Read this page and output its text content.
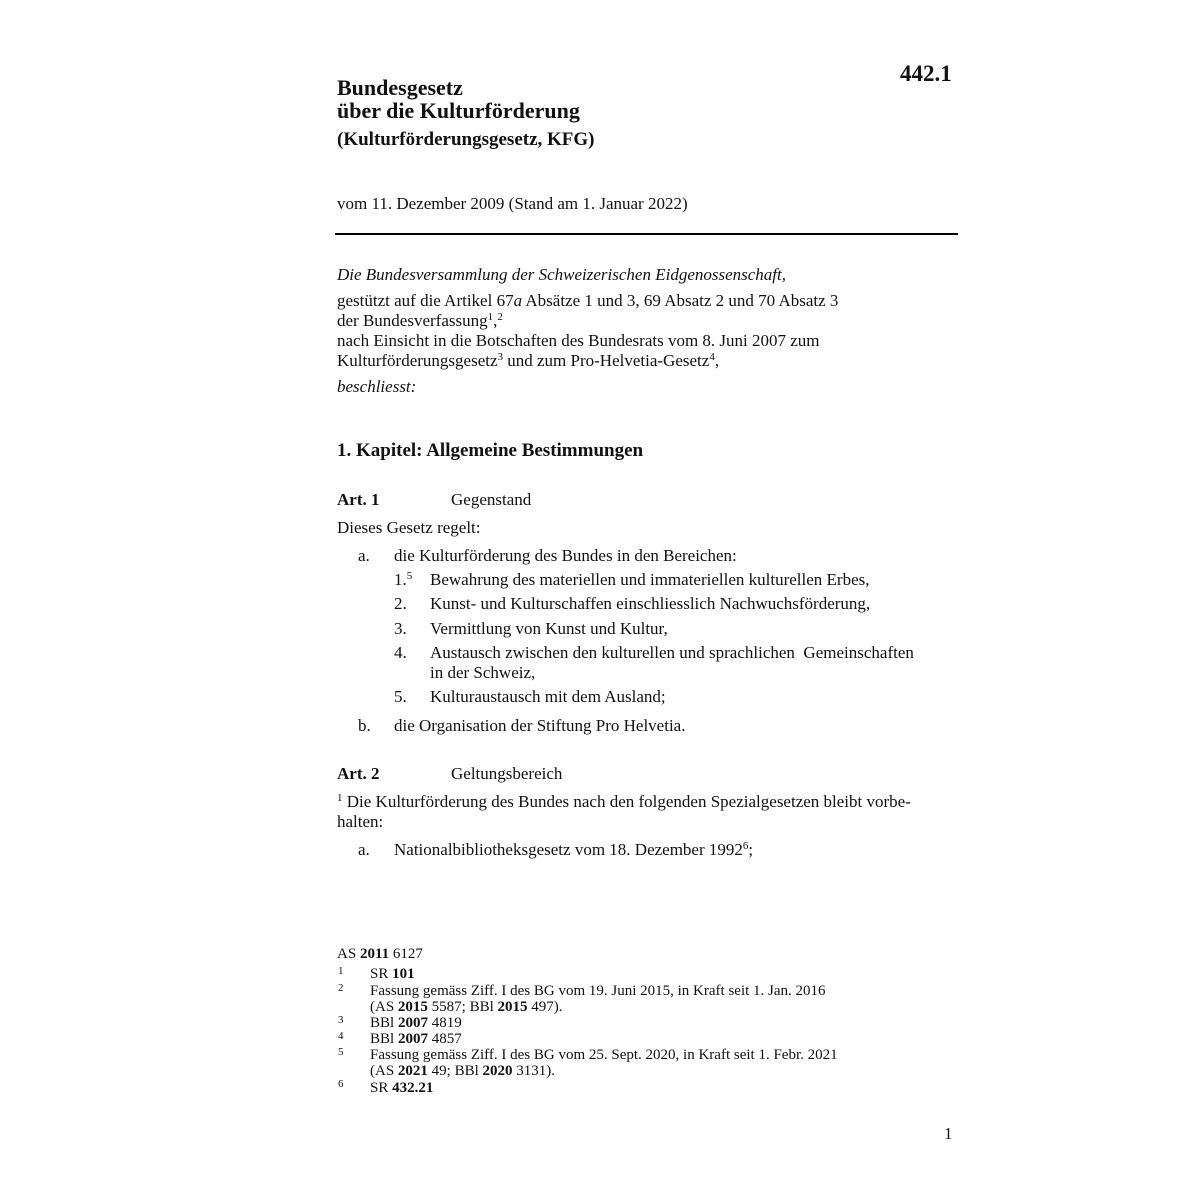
442.1
Bundesgesetz
über die Kulturförderung
(Kulturförderungsgesetz, KFG)
vom 11. Dezember 2009 (Stand am 1. Januar 2022)
Die Bundesversammlung der Schweizerischen Eidgenossenschaft,
gestützt auf die Artikel 67a Absätze 1 und 3, 69 Absatz 2 und 70 Absatz 3
der Bundesverfassung$^1$,$^2$
nach Einsicht in die Botschaften des Bundesrats vom 8. Juni 2007 zum
Kulturförderungsgesetz$^3$ und zum Pro-Helvetia-Gesetz$^4$,
beschliesst:
1. Kapitel: Allgemeine Bestimmungen
Art. 1	Gegenstand
Dieses Gesetz regelt:
a. die Kulturförderung des Bundes in den Bereichen:
1.$^5$ Bewahrung des materiellen und immateriellen kulturellen Erbes,
2. Kunst- und Kulturschaffen einschliesslich Nachwuchsförderung,
3. Vermittlung von Kunst und Kultur,
4. Austausch zwischen den kulturellen und sprachlichen  Gemeinschaften
in der Schweiz,
5. Kulturaustausch mit dem Ausland;
b. die Organisation der Stiftung Pro Helvetia.
Art. 2	Geltungsbereich
$^1$ Die Kulturförderung des Bundes nach den folgenden Spezialgesetzen bleibt vorbe-
halten:
a. Nationalbibliotheksgesetz vom 18. Dezember 1992$^6$;
AS 2011 6127
1 SR 101
2 Fassung gemäss Ziff. I des BG vom 19. Juni 2015, in Kraft seit 1. Jan. 2016
(AS 2015 5587; BBl 2015 497).
3 BBl 2007 4819
4 BBl 2007 4857
5 Fassung gemäss Ziff. I des BG vom 25. Sept. 2020, in Kraft seit 1. Febr. 2021
(AS 2021 49; BBl 2020 3131).
6 SR 432.21
1
